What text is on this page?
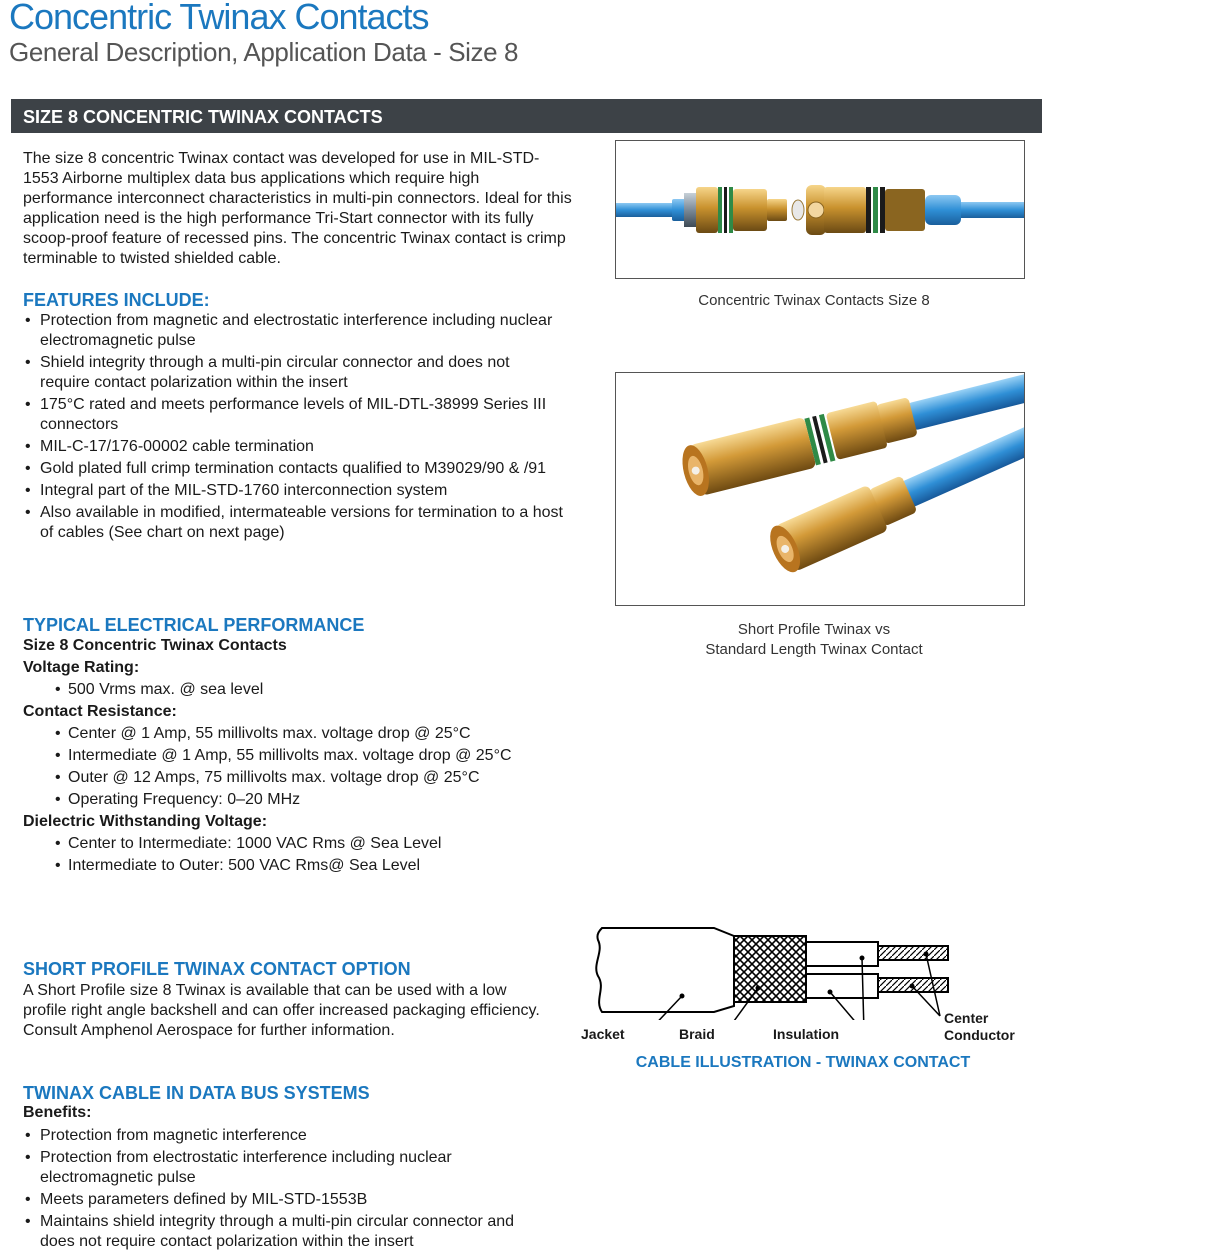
Concentric Twinax Contacts
General Description, Application Data - Size 8
SIZE 8 CONCENTRIC TWINAX CONTACTS

The size 8 concentric Twinax contact was developed for use in MIL-STD-1553 Airborne multiplex data bus applications which require high performance interconnect characteristics in multi-pin connectors. Ideal for this application need is the high performance Tri-Start connector with its fully scoop-proof feature of recessed pins. The concentric Twinax contact is crimp terminable to twisted shielded cable.

FEATURES INCLUDE:
• Protection from magnetic and electrostatic interference including nuclear electromagnetic pulse
• Shield integrity through a multi-pin circular connector and does not require contact polarization within the insert
• 175°C rated and meets performance levels of MIL-DTL-38999 Series III connectors
• MIL-C-17/176-00002 cable termination
• Gold plated full crimp termination contacts qualified to M39029/90 & /91
• Integral part of the MIL-STD-1760 interconnection system
• Also available in modified, intermateable versions for termination to a host of cables (See chart on next page)
TYPICAL ELECTRICAL PERFORMANCE
Size 8 Concentric Twinax Contacts
Voltage Rating:
• 500 Vrms max. @ sea level
Contact Resistance:
• Center @ 1 Amp, 55 millivolts max. voltage drop @ 25°C
• Intermediate @ 1 Amp, 55 millivolts max. voltage drop @ 25°C
• Outer @ 12 Amps, 75 millivolts max. voltage drop @ 25°C
• Operating Frequency: 0–20 MHz
Dielectric Withstanding Voltage:
• Center to Intermediate: 1000 VAC Rms @ Sea Level
• Intermediate to Outer: 500 VAC Rms@ Sea Level
SHORT PROFILE TWINAX CONTACT OPTION

A Short Profile size 8 Twinax is available that can be used with a low profile right angle backshell and can offer increased packaging efficiency. Consult Amphenol Aerospace for further information.

TWINAX CABLE IN DATA BUS SYSTEMS
Benefits:
• Protection from magnetic interference
• Protection from electrostatic interference including nuclear electromagnetic pulse
• Meets parameters defined by MIL-STD-1553B
• Maintains shield integrity through a multi-pin circular connector and does not require contact polarization within the insert
Concentric Twinax Contacts Size 8
Short Profile Twinax vs
Standard Length Twinax Contact
Jacket	Braid	Insulation
Center
Conductor
CABLE ILLUSTRATION - TWINAX CONTACT
